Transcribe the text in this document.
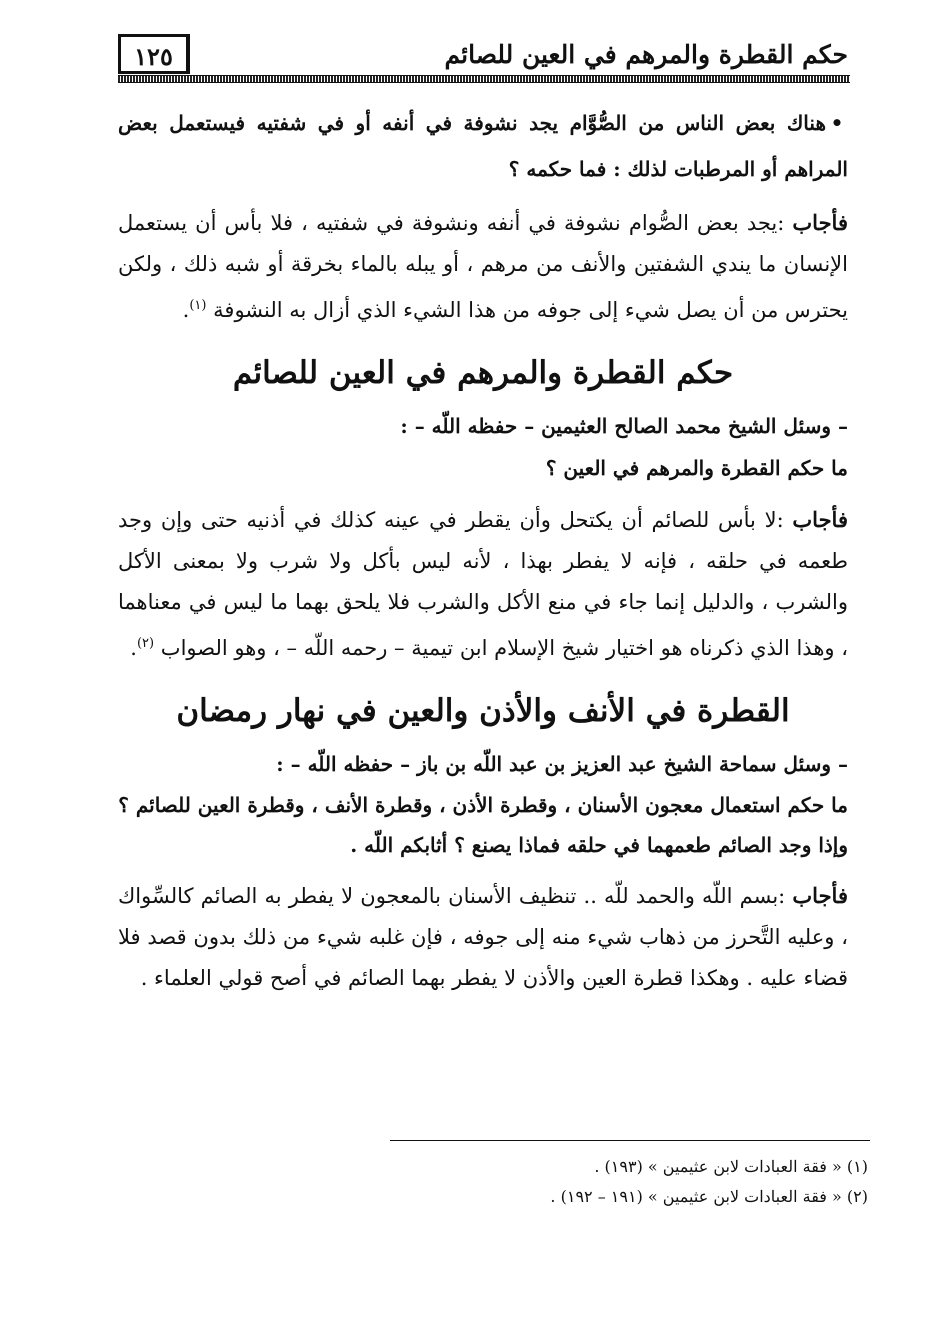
حكم القطرة والمرهم في العين للصائم
١٢٥

•هناك بعض الناس من الصُّوَّام يجد نشوفة في أنفه أو في شفتيه فيستعمل بعض المراهم أو المرطبات لذلك : فما حكمه ؟

فأجاب :يجد بعض الصُّوام نشوفة في أنفه ونشوفة في شفتيه ، فلا بأس أن يستعمل الإنسان ما يندي الشفتين والأنف من مرهم ، أو يبله بالماء بخرقة أو شبه ذلك ، ولكن يحترس من أن يصل شيء إلى جوفه من هذا الشيء الذي أزال به النشوفة $^{(١)}$.

حكم القطرة والمرهم في العين للصائم

– وسئل الشيخ محمد الصالح العثيمين – حفظه اللّه – :

ما حكم القطرة والمرهم في العين ؟

فأجاب :لا بأس للصائم أن يكتحل وأن يقطر في عينه كذلك في أذنيه حتى وإن وجد طعمه في حلقه ، فإنه لا يفطر بهذا ، لأنه ليس بأكل ولا شرب ولا بمعنى الأكل والشرب ، والدليل إنما جاء في منع الأكل والشرب فلا يلحق بهما ما ليس في معناهما ، وهذا الذي ذكرناه هو اختيار شيخ الإسلام ابن تيمية – رحمه اللّه – ، وهو الصواب $^{(٢)}$.

القطرة في الأنف والأذن والعين في نهار رمضان

– وسئل سماحة الشيخ عبد العزيز بن عبد اللّه بن باز – حفظه اللّه – :

ما حكم استعمال معجون الأسنان ، وقطرة الأذن ، وقطرة الأنف ، وقطرة العين للصائم ؟

وإذا وجد الصائم طعمهما في حلقه فماذا يصنع ؟ أثابكم اللّه .

فأجاب :بسم اللّه والحمد للّه .. تنظيف الأسنان بالمعجون لا يفطر به الصائم كالسِّواك ، وعليه التَّحرز من ذهاب شيء منه إلى جوفه ، فإن غلبه شيء من ذلك بدون قصد فلا قضاء عليه . وهكذا قطرة العين والأذن لا يفطر بهما الصائم في أصح قولي العلماء .

(١) « فقة العبادات لابن عثيمين » (١٩٣) .
(٢) « فقة العبادات لابن عثيمين » (١٩١ – ١٩٢) .
